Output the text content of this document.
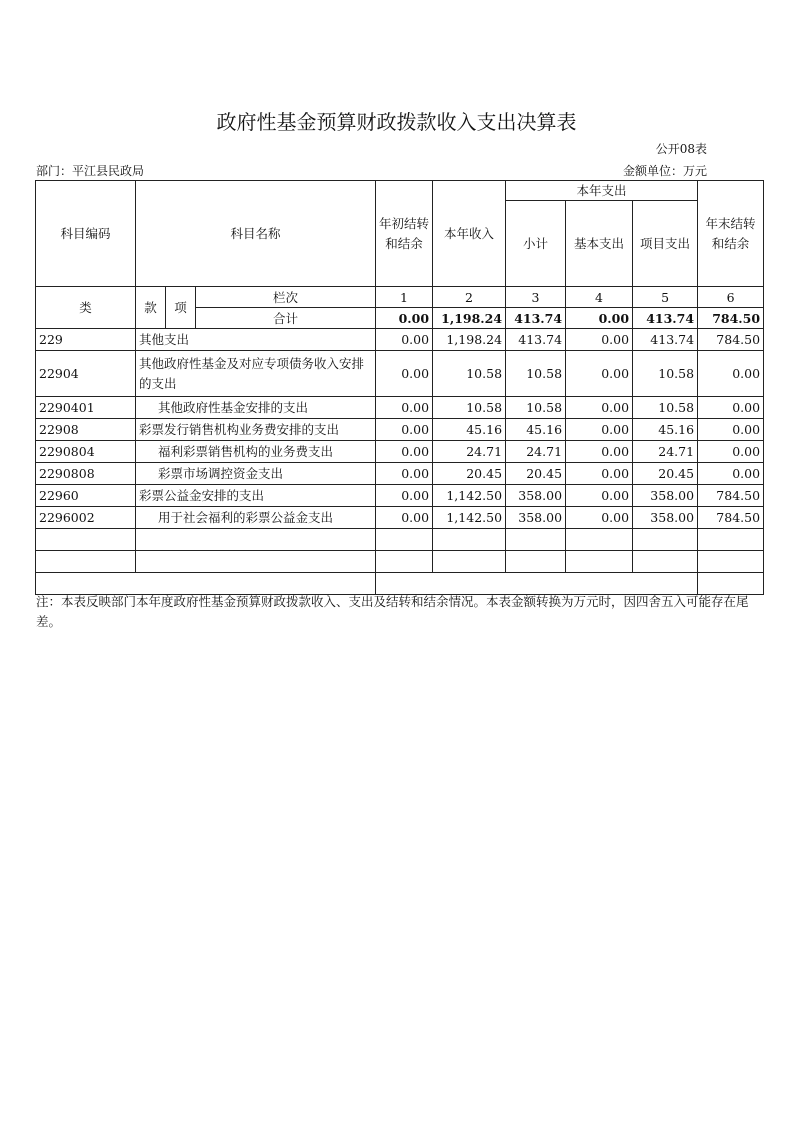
政府性基金预算财政拨款收入支出决算表
公开08表
部门：平江县民政局	金额单位：万元
科目编码	科目名称			年初结转和结余	本年收入	本年支出			年末结转和结余
						小计	基本支出	项目支出	
类	款	项	栏次	1	2	3	4	5	6
			合计	0.00	1,198.24	413.74	0.00	413.74	784.50
229	其他支出			0.00	1,198.24	413.74	0.00	413.74	784.50
22904	其他政府性基金及对应专项债务收入安排的支出			0.00	10.58	10.58	0.00	10.58	0.00
2290401	其他政府性基金安排的支出			0.00	10.58	10.58	0.00	10.58	0.00
22908	彩票发行销售机构业务费安排的支出			0.00	45.16	45.16	0.00	45.16	0.00
2290804	福利彩票销售机构的业务费支出			0.00	24.71	24.71	0.00	24.71	0.00
2290808	彩票市场调控资金支出			0.00	20.45	20.45	0.00	20.45	0.00
22960	彩票公益金安排的支出			0.00	1,142.50	358.00	0.00	358.00	784.50
2296002	用于社会福利的彩票公益金支出			0.00	1,142.50	358.00	0.00	358.00	784.50

注：本表反映部门本年度政府性基金预算财政拨款收入、支出及结转和结余情况。本表金额转换为万元时，因四舍五入可能存在尾差。
